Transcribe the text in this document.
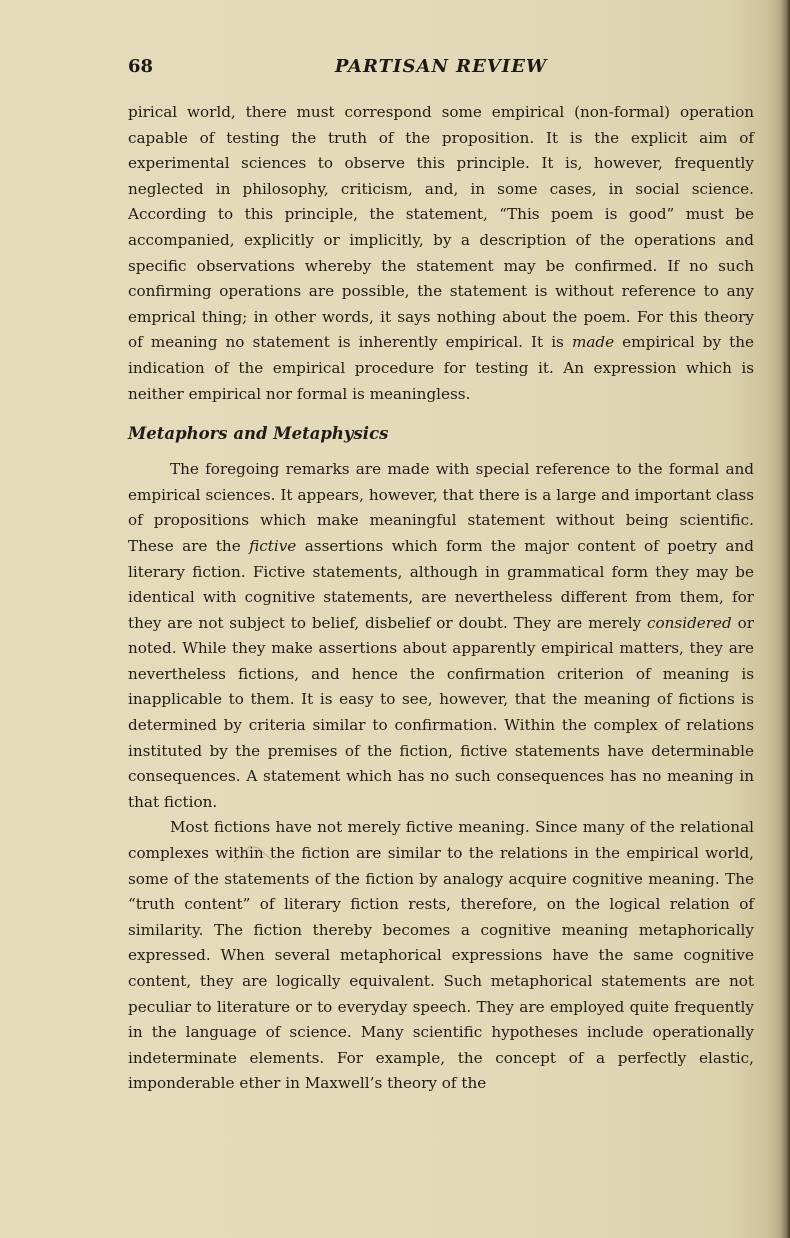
68	PARTISAN REVIEW

pirical world, there must correspond some empirical (non-formal) operation capable of testing the truth of the proposition. It is the explicit aim of experimental sciences to observe this principle. It is, however, frequently neglected in philosophy, criticism, and, in some cases, in social science. According to this principle, the statement, “This poem is good” must be accompanied, explicitly or implicitly, by a description of the operations and specific observations whereby the statement may be confirmed. If no such confirming operations are possible, the statement is without reference to any emprical thing; in other words, it says nothing about the poem. For this theory of meaning no statement is inherently empirical. It is made empirical by the indication of the empirical procedure for testing it. An expression which is neither empirical nor formal is meaningless.

Metaphors and Metaphysics

The foregoing remarks are made with special reference to the formal and empirical sciences. It appears, however, that there is a large and important class of propositions which make meaningful statement without being scientific. These are the fictive assertions which form the major content of poetry and literary fiction. Fictive statements, although in grammatical form they may be identical with cognitive statements, are nevertheless different from them, for they are not subject to belief, disbelief or doubt. They are merely considered or noted. While they make assertions about apparently empirical matters, they are nevertheless fictions, and hence the confirmation criterion of meaning is inapplicable to them. It is easy to see, however, that the meaning of fictions is determined by criteria similar to confirmation. Within the complex of relations instituted by the premises of the fiction, fictive statements have determinable consequences. A statement which has no such consequences has no meaning in that fiction.

Most fictions have not merely fictive meaning. Since many of the relational complexes within the fiction are similar to the relations in the empirical world, some of the statements of the fiction by analogy acquire cognitive meaning. The “truth content” of literary fiction rests, therefore, on the logical relation of similarity. The fiction thereby becomes a cognitive meaning metaphorically expressed. When several metaphorical expressions have the same cognitive content, they are logically equivalent. Such metaphorical statements are not peculiar to literature or to everyday speech. They are employed quite frequently in the language of science. Many scientific hypotheses include operationally indeterminate elements. For example, the concept of a perfectly elastic, imponderable ether in Maxwell’s theory of the
